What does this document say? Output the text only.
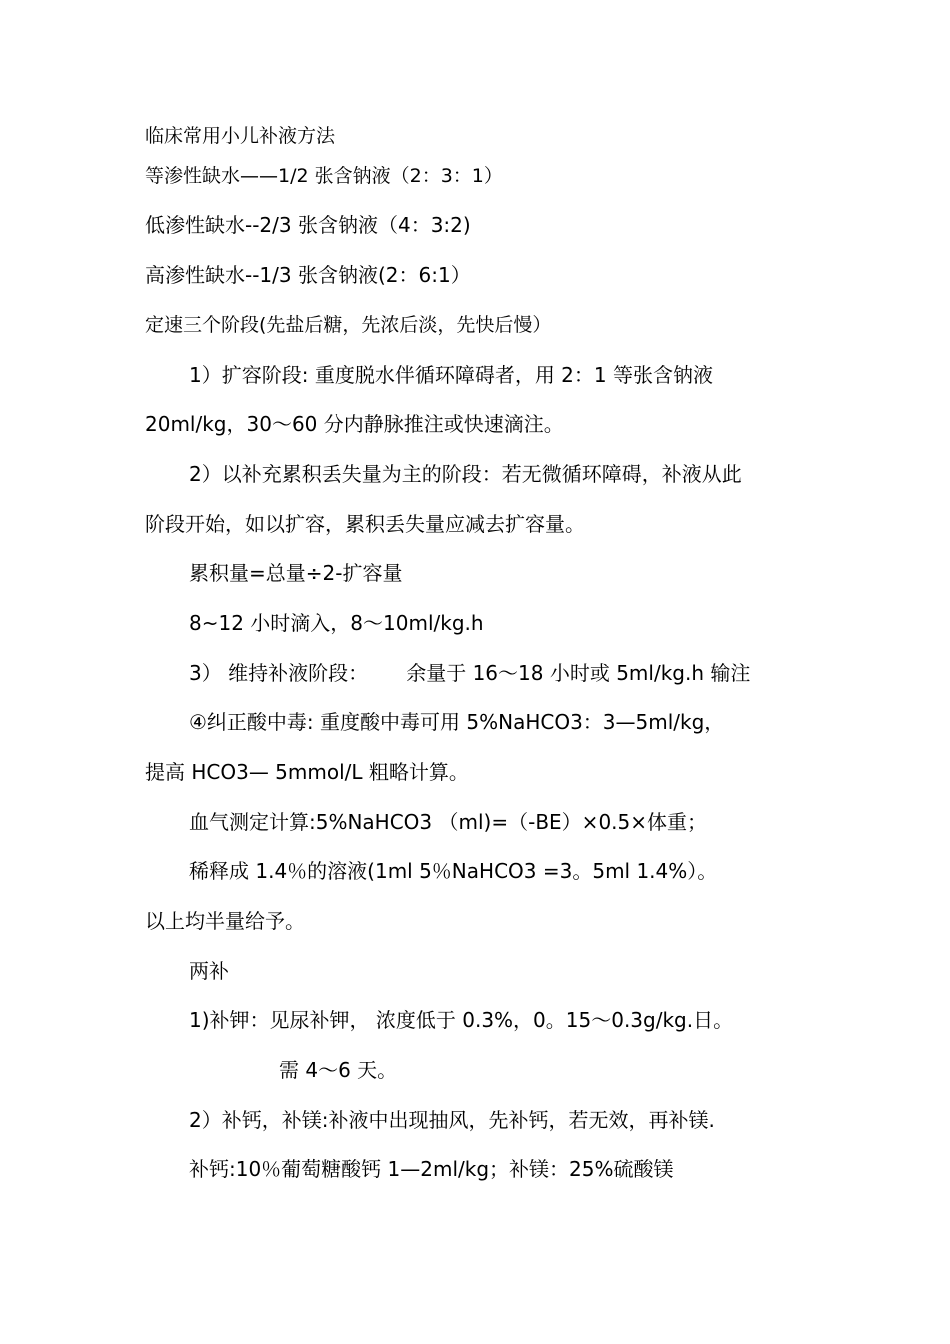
临床常用小儿补液方法

等渗性缺水——1/2 张含钠液（2：3：1）

低渗性缺水--2/3 张含钠液（4：3:2)

高渗性缺水--1/3 张含钠液(2：6:1）

定速三个阶段(先盐后糖，先浓后淡，先快后慢）

1）扩容阶段: 重度脱水伴循环障碍者，用 2：1 等张含钠液

20ml/kg，30～60 分内静脉推注或快速滴注。

2）以补充累积丢失量为主的阶段：若无微循环障碍，补液从此

阶段开始，如以扩容，累积丢失量应减去扩容量。

累积量=总量÷2-扩容量

8~12 小时滴入，8～10ml/kg.h

3） 维持补液阶段：      余量于 16～18 小时或 5ml/kg.h 输注

④纠正酸中毒: 重度酸中毒可用 5%NaHCO3：3—5ml/kg，

提高 HCO3— 5mmol/L 粗略计算。

血气测定计算:5%NaHCO3 （ml)=（-BE）×0.5×体重；

稀释成 1.4％的溶液(1ml 5％NaHCO3 =3。5ml 1.4%）。

以上均半量给予。

两补

1)补钾：见尿补钾， 浓度低于 0.3%，0。15～0.3g/kg.日。

需 4～6 天。

2）补钙，补镁:补液中出现抽风，先补钙，若无效，再补镁.

补钙:10％葡萄糖酸钙 1—2ml/kg；补镁：25%硫酸镁
